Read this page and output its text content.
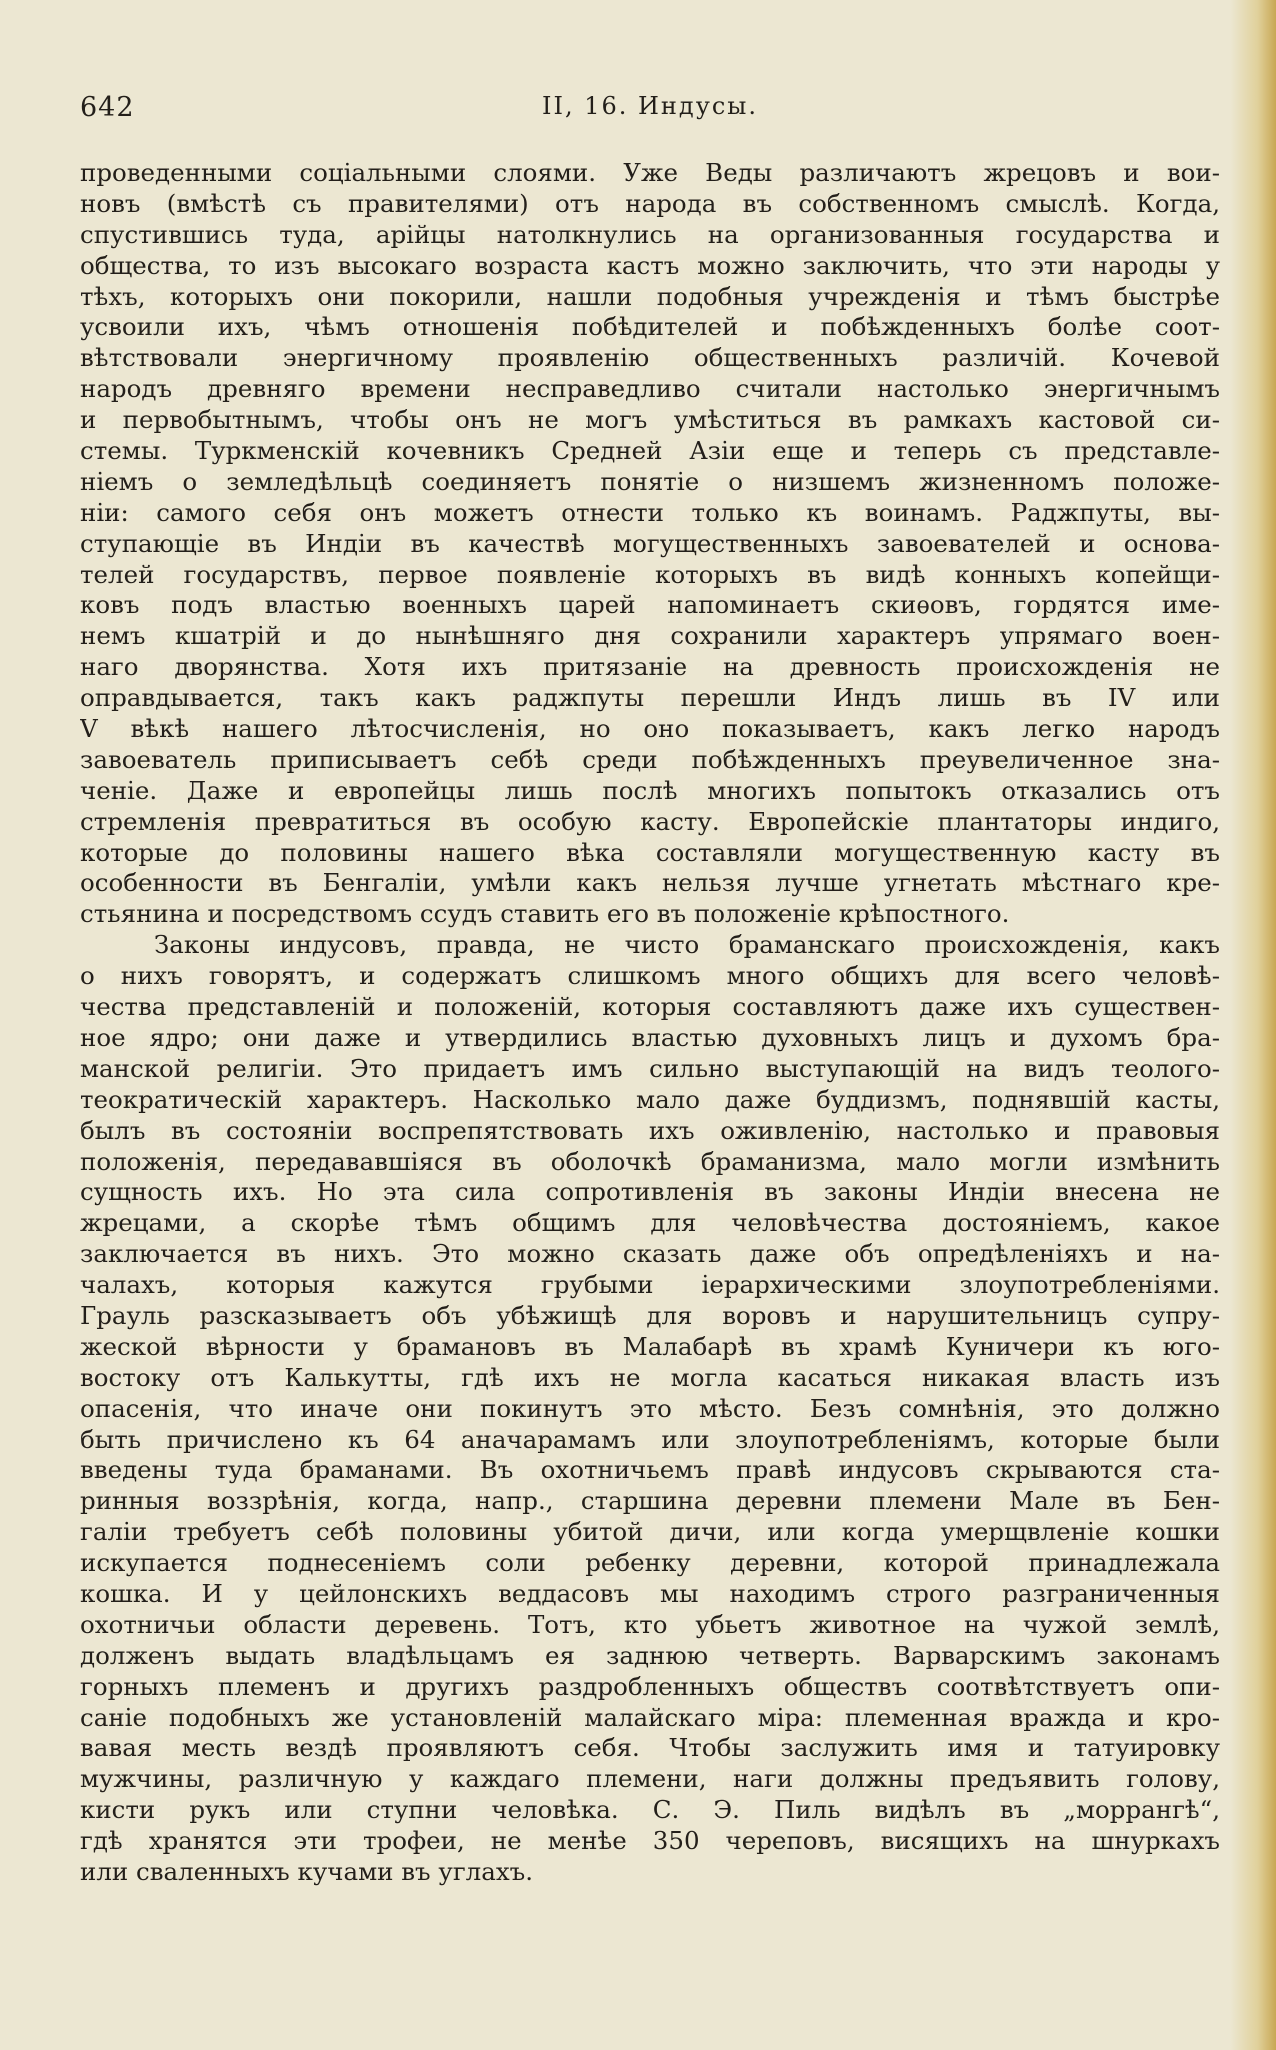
642	II, 16. Индусы.
проведенными соціальными слоями. Уже Веды различаютъ жрецовъ и вои-
новъ (вмѣстѣ съ правителями) отъ народа въ собственномъ смыслѣ. Когда,
спустившись туда, арійцы натолкнулись на организованныя государства и
общества, то изъ высокаго возраста кастъ можно заключить, что эти народы у
тѣхъ, которыхъ они покорили, нашли подобныя учрежденія и тѣмъ быстрѣе
усвоили ихъ, чѣмъ отношенія побѣдителей и побѣжденныхъ болѣе соот-
вѣтствовали энергичному проявленію общественныхъ различій. Кочевой
народъ древняго времени несправедливо считали настолько энергичнымъ
и первобытнымъ, чтобы онъ не могъ умѣститься въ рамкахъ кастовой си-
стемы. Туркменскій кочевникъ Средней Азіи еще и теперь съ представле-
ніемъ о земледѣльцѣ соединяетъ понятіе о низшемъ жизненномъ положе-
ніи: самого себя онъ можетъ отнести только къ воинамъ. Раджпуты, вы-
ступающіе въ Индіи въ качествѣ могущественныхъ завоевателей и основа-
телей государствъ, первое появленіе которыхъ въ видѣ конныхъ копейщи-
ковъ подъ властью военныхъ царей напоминаетъ скиѳовъ, гордятся име-
немъ кшатрій и до нынѣшняго дня сохранили характеръ упрямаго воен-
наго дворянства. Хотя ихъ притязаніе на древность происхожденія не
оправдывается, такъ какъ раджпуты перешли Индъ лишь въ IV или
V вѣкѣ нашего лѣтосчисленія, но оно показываетъ, какъ легко народъ
завоеватель приписываетъ себѣ среди побѣжденныхъ преувеличенное зна-
ченіе. Даже и европейцы лишь послѣ многихъ попытокъ отказались отъ
стремленія превратиться въ особую касту. Европейскіе плантаторы индиго,
которые до половины нашего вѣка составляли могущественную касту въ
особенности въ Бенгаліи, умѣли какъ нельзя лучше угнетать мѣстнаго кре-
стьянина и посредствомъ ссудъ ставить его въ положеніе крѣпостного.
Законы индусовъ, правда, не чисто браманскаго происхожденія, какъ
о нихъ говорятъ, и содержатъ слишкомъ много общихъ для всего человѣ-
чества представленій и положеній, которыя составляютъ даже ихъ существен-
ное ядро; они даже и утвердились властью духовныхъ лицъ и духомъ бра-
манской религіи. Это придаетъ имъ сильно выступающій на видъ теолого-
теократическій характеръ. Насколько мало даже буддизмъ, поднявшій касты,
былъ въ состояніи воспрепятствовать ихъ оживленію, настолько и правовыя
положенія, передававшіяся въ оболочкѣ браманизма, мало могли измѣнить
сущность ихъ. Но эта сила сопротивленія въ законы Индіи внесена не
жрецами, а скорѣе тѣмъ общимъ для человѣчества достояніемъ, какое
заключается въ нихъ. Это можно сказать даже объ опредѣленіяхъ и на-
чалахъ, которыя кажутся грубыми іерархическими злоупотребленіями.
Грауль разсказываетъ объ убѣжищѣ для воровъ и нарушительницъ супру-
жеской вѣрности у брамановъ въ Малабарѣ въ храмѣ Куничери къ юго-
востоку отъ Калькутты, гдѣ ихъ не могла касаться никакая власть изъ
опасенія, что иначе они покинутъ это мѣсто. Безъ сомнѣнія, это должно
быть причислено къ 64 аначарамамъ или злоупотребленіямъ, которые были
введены туда браманами. Въ охотничьемъ правѣ индусовъ скрываются ста-
ринныя воззрѣнія, когда, напр., старшина деревни племени Мале въ Бен-
галіи требуетъ себѣ половины убитой дичи, или когда умерщвленіе кошки
искупается поднесеніемъ соли ребенку деревни, которой принадлежала
кошка. И у цейлонскихъ веддасовъ мы находимъ строго разграниченныя
охотничьи области деревень. Тотъ, кто убьетъ животное на чужой землѣ,
долженъ выдать владѣльцамъ ея заднюю четверть. Варварскимъ законамъ
горныхъ племенъ и другихъ раздробленныхъ обществъ соотвѣтствуетъ опи-
саніе подобныхъ же установленій малайскаго міра: племенная вражда и кро-
вавая месть вездѣ проявляютъ себя. Чтобы заслужить имя и татуировку
мужчины, различную у каждаго племени, наги должны предъявить голову,
кисти рукъ или ступни человѣка. С. Э. Пиль видѣлъ въ „моррангѣ“,
гдѣ хранятся эти трофеи, не менѣе 350 череповъ, висящихъ на шнуркахъ
или сваленныхъ кучами въ углахъ.
